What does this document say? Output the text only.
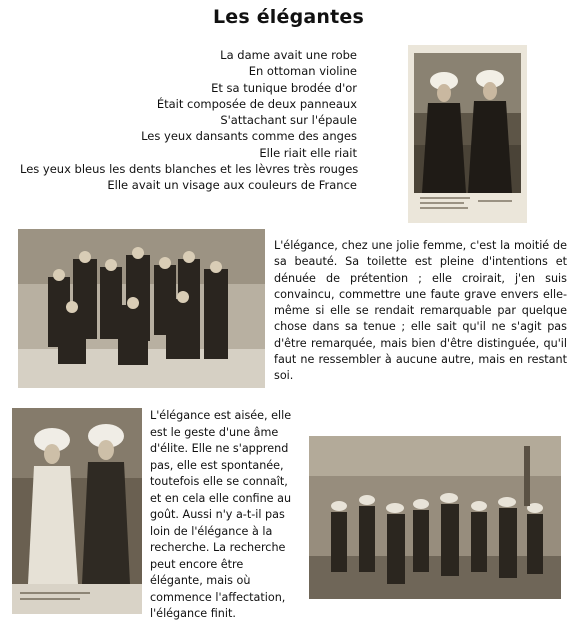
Les élégantes
La dame avait une robe
En ottoman violine
Et sa tunique brodée d'or
Était composée de deux panneaux
S'attachant sur l'épaule
Les yeux dansants comme des anges
Elle riait elle riait
Les yeux bleus les dents blanches et les lèvres très rouges
Elle avait un visage aux couleurs de France
L'élégance, chez une jolie femme, c'est la moitié de sa beauté. Sa toilette est pleine d'intentions et dénuée de prétention ; elle croirait, j'en suis convaincu, commettre une faute grave envers elle-même si elle se rendait remarquable par quelque chose dans sa tenue ; elle sait qu'il ne s'agit pas d'être remarquée, mais bien d'être distinguée, qu'il faut ne ressembler à aucune autre, mais en restant soi.
L'élégance est aisée, elle est le geste d'une âme d'élite. Elle ne s'apprend pas, elle est spontanée, toutefois elle se connaît, et en cela elle confine au goût. Aussi n'y a-t-il pas loin de l'élégance à la recherche. La recherche peut encore être élégante, mais où commence l'affectation, l'élégance finit.
